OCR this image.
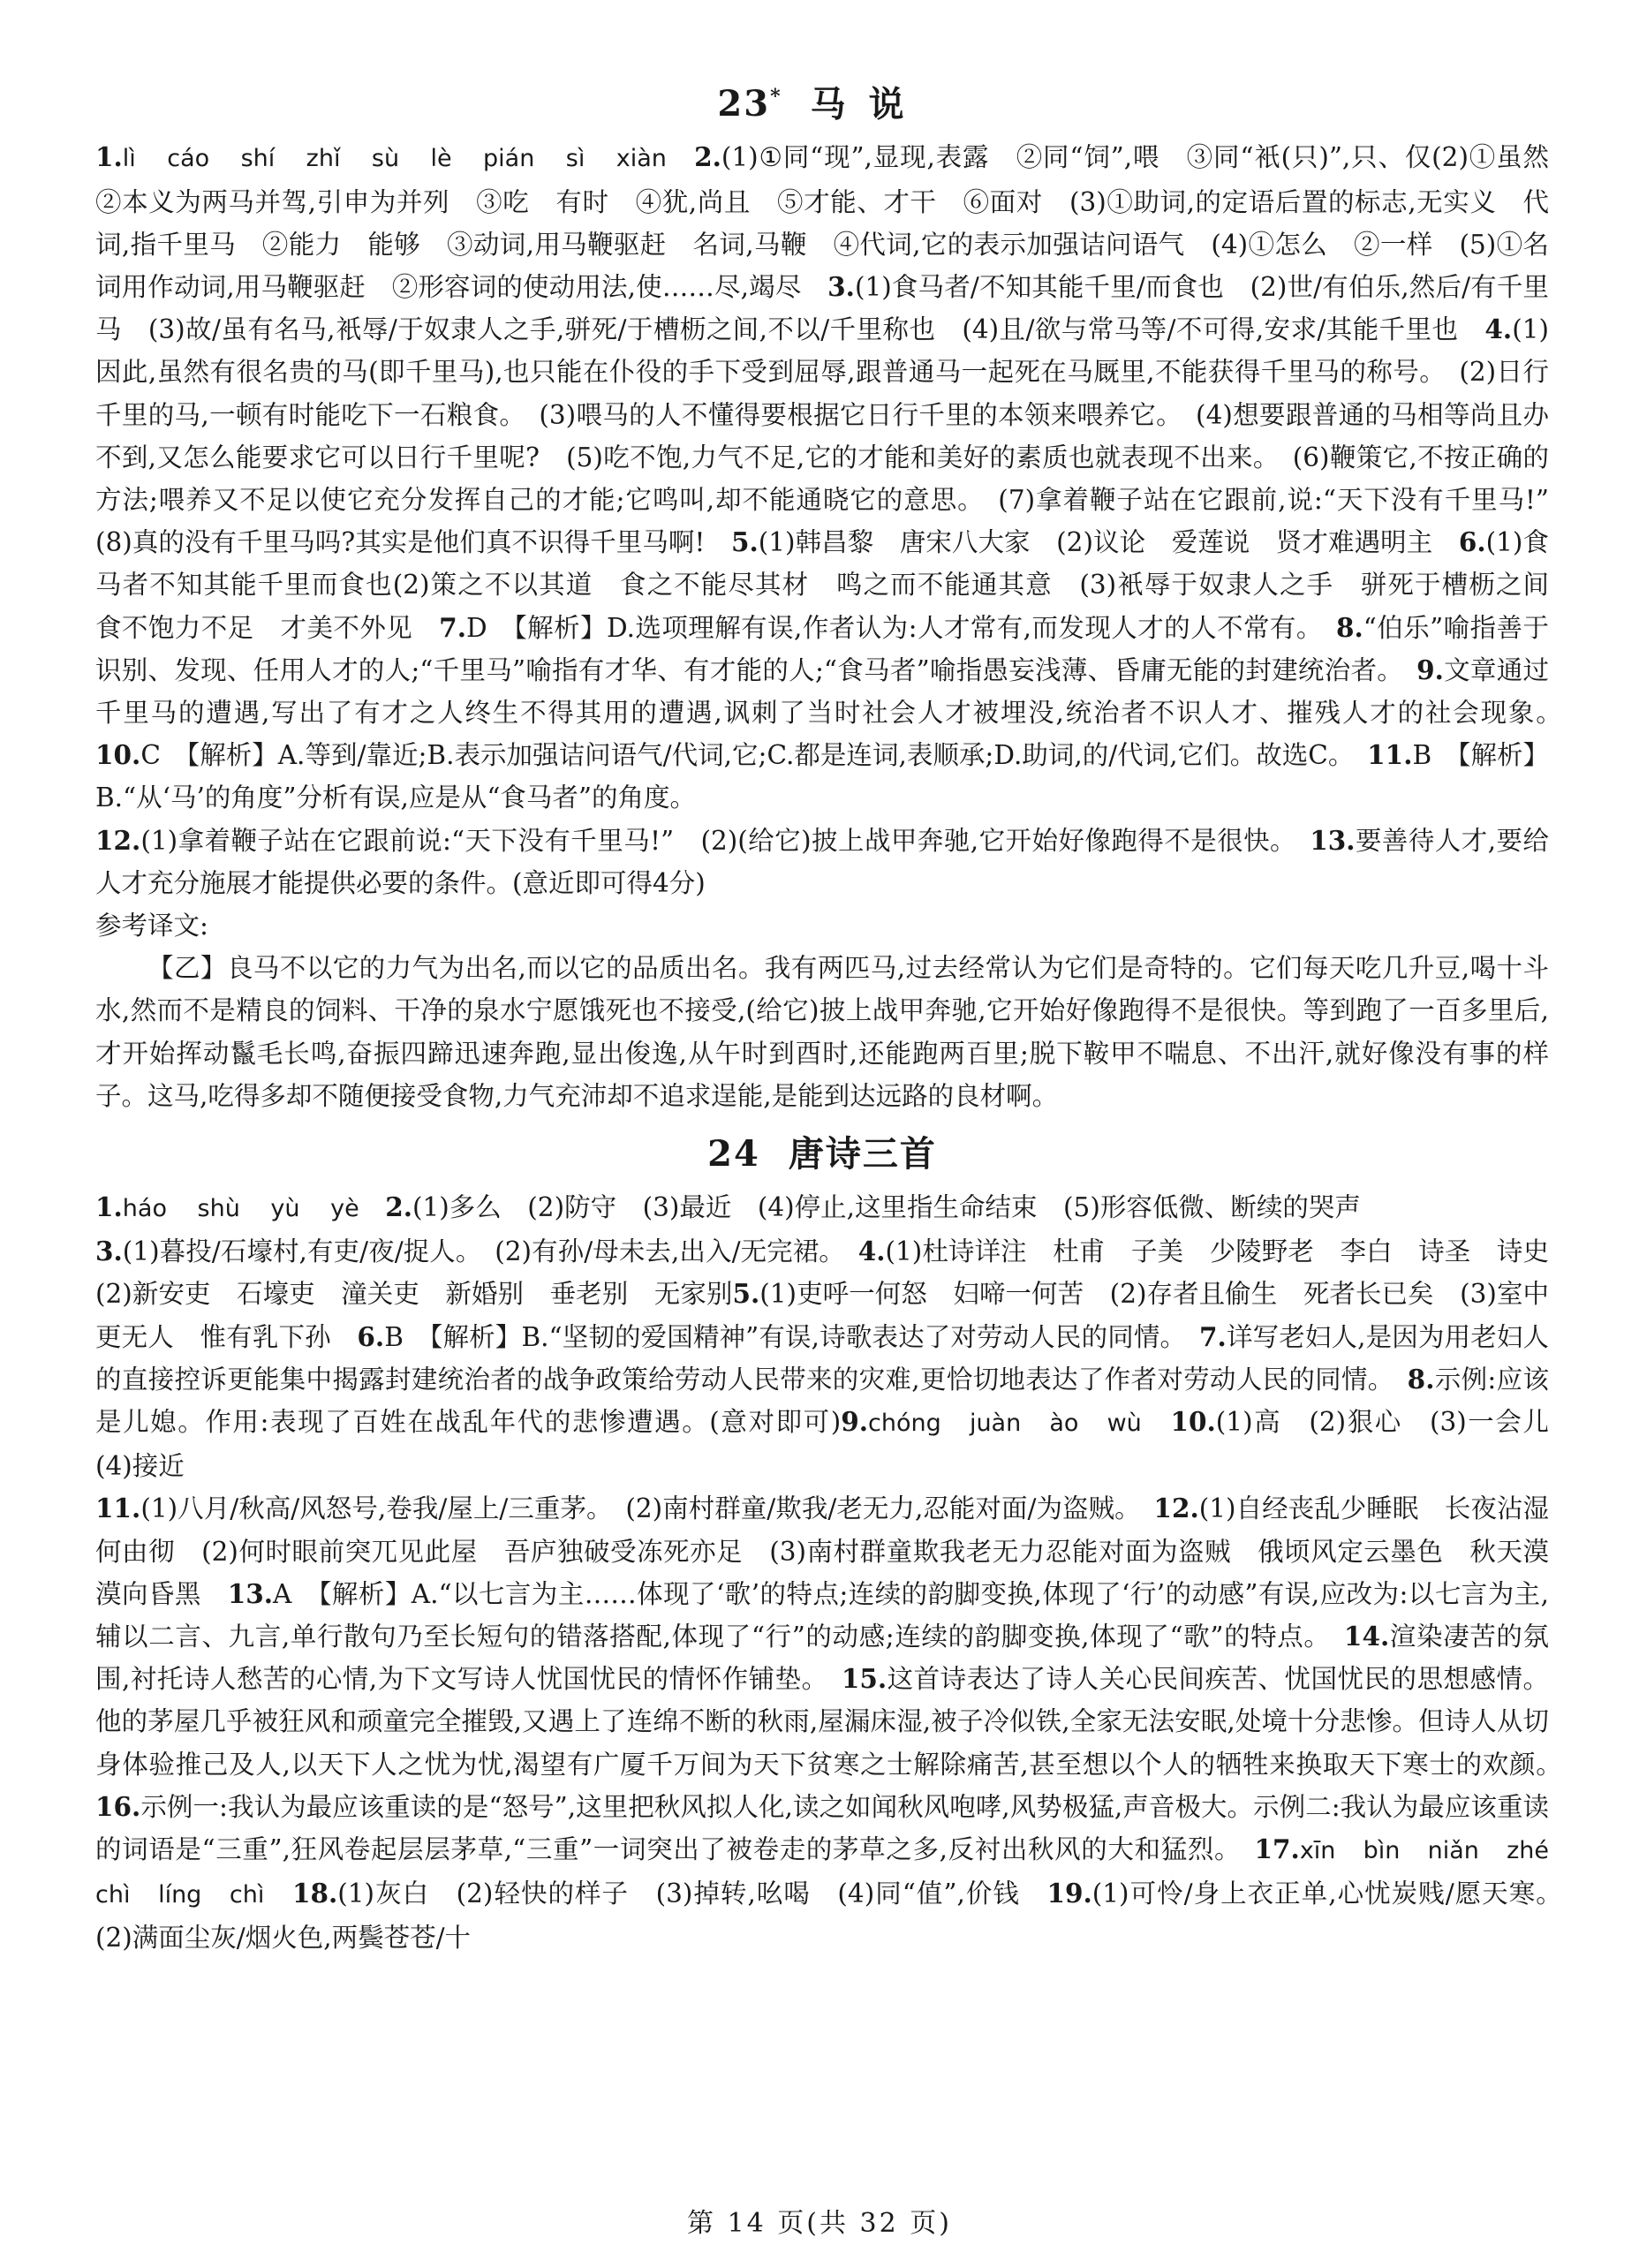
23* 马说

1.lì cáo shí zhǐ sù lè pián sì xiàn　 2.(1)①同“现”,显现,表露　②同“饲”,喂　③同“衹(只)”,只、仅(2)①虽然　②本义为两马并驾,引申为并列　③吃　有时　④犹,尚且　⑤才能、才干　⑥面对　(3)①助词,的定语后置的标志,无实义　代词,指千里马　②能力　能够　③动词,用马鞭驱赶　名词,马鞭　④代词,它的表示加强诘问语气　(4)①怎么　②一样　(5)①名词用作动词,用马鞭驱赶　②形容词的使动用法,使……尽,竭尽　3.(1)食马者/不知其能千里/而食也　(2)世/有伯乐,然后/有千里马　(3)故/虽有名马,衹辱/于奴隶人之手,骈死/于槽枥之间,不以/千里称也　(4)且/欲与常马等/不可得,安求/其能千里也　4.(1)因此,虽然有很名贵的马(即千里马),也只能在仆役的手下受到屈辱,跟普通马一起死在马厩里,不能获得千里马的称号。　(2)日行千里的马,一顿有时能吃下一石粮食。　(3)喂马的人不懂得要根据它日行千里的本领来喂养它。　(4)想要跟普通的马相等尚且办不到,又怎么能要求它可以日行千里呢?　(5)吃不饱,力气不足,它的才能和美好的素质也就表现不出来。　(6)鞭策它,不按正确的方法;喂养又不足以使它充分发挥自己的才能;它鸣叫,却不能通晓它的意思。　(7)拿着鞭子站在它跟前,说:“天下没有千里马!”　(8)真的没有千里马吗?其实是他们真不识得千里马啊!　5.(1)韩昌黎　唐宋八大家　(2)议论　爱莲说　贤才难遇明主　6.(1)食马者不知其能千里而食也(2)策之不以其道　食之不能尽其材　鸣之而不能通其意　(3)衹辱于奴隶人之手　骈死于槽枥之间　食不饱力不足　才美不外见　7.D　【解析】D.选项理解有误,作者认为:人才常有,而发现人才的人不常有。　8.“伯乐”喻指善于识别、发现、任用人才的人;“千里马”喻指有才华、有才能的人;“食马者”喻指愚妄浅薄、昏庸无能的封建统治者。　9.文章通过千里马的遭遇,写出了有才之人终生不得其用的遭遇,讽刺了当时社会人才被埋没,统治者不识人才、摧残人才的社会现象。　10.C　【解析】A.等到/靠近;B.表示加强诘问语气/代词,它;C.都是连词,表顺承;D.助词,的/代词,它们。故选C。　11.B　【解析】B.“从‘马’的角度”分析有误,应是从“食马者”的角度。
12.(1)拿着鞭子站在它跟前说:“天下没有千里马!”　(2)(给它)披上战甲奔驰,它开始好像跑得不是很快。　13.要善待人才,要给人才充分施展才能提供必要的条件。(意近即可得4分)

参考译文:

【乙】良马不以它的力气为出名,而以它的品质出名。我有两匹马,过去经常认为它们是奇特的。它们每天吃几升豆,喝十斗水,然而不是精良的饲料、干净的泉水宁愿饿死也不接受,(给它)披上战甲奔驰,它开始好像跑得不是很快。等到跑了一百多里后,才开始挥动鬣毛长鸣,奋振四蹄迅速奔跑,显出俊逸,从午时到酉时,还能跑两百里;脱下鞍甲不喘息、不出汗,就好像没有事的样子。这马,吃得多却不随便接受食物,力气充沛却不追求逞能,是能到达远路的良材啊。

24 唐诗三首

1.háo shù yù yè　 2.(1)多么　(2)防守　(3)最近　(4)停止,这里指生命结束　(5)形容低微、断续的哭声
3.(1)暮投/石壕村,有吏/夜/捉人。　(2)有孙/母未去,出入/无完裙。　4.(1)杜诗详注　杜甫　子美　少陵野老　李白　诗圣　诗史　(2)新安吏　石壕吏　潼关吏　新婚别　垂老别　无家别5.(1)吏呼一何怒　妇啼一何苦　(2)存者且偷生　死者长已矣　(3)室中更无人　惟有乳下孙　6.B　【解析】B.“坚韧的爱国精神”有误,诗歌表达了对劳动人民的同情。　7.详写老妇人,是因为用老妇人的直接控诉更能集中揭露封建统治者的战争政策给劳动人民带来的灾难,更恰切地表达了作者对劳动人民的同情。　8.示例:应该是儿媳。作用:表现了百姓在战乱年代的悲惨遭遇。(意对即可)9.chóng juàn ào wù　 10.(1)高　(2)狠心　(3)一会儿　(4)接近
11.(1)八月/秋高/风怒号,卷我/屋上/三重茅。　(2)南村群童/欺我/老无力,忍能对面/为盗贼。　12.(1)自经丧乱少睡眠　长夜沾湿何由彻　(2)何时眼前突兀见此屋　吾庐独破受冻死亦足　(3)南村群童欺我老无力忍能对面为盗贼　俄顷风定云墨色　秋天漠漠向昏黑　13.A　【解析】A.“以七言为主……体现了‘歌’的特点;连续的韵脚变换,体现了‘行’的动感”有误,应改为:以七言为主,辅以二言、九言,单行散句乃至长短句的错落搭配,体现了“行”的动感;连续的韵脚变换,体现了“歌”的特点。　14.渲染凄苦的氛围,衬托诗人愁苦的心情,为下文写诗人忧国忧民的情怀作铺垫。　15.这首诗表达了诗人关心民间疾苦、忧国忧民的思想感情。他的茅屋几乎被狂风和顽童完全摧毁,又遇上了连绵不断的秋雨,屋漏床湿,被子冷似铁,全家无法安眠,处境十分悲惨。但诗人从切身体验推己及人,以天下人之忧为忧,渴望有广厦千万间为天下贫寒之士解除痛苦,甚至想以个人的牺牲来换取天下寒士的欢颜。　16.示例一:我认为最应该重读的是“怒号”,这里把秋风拟人化,读之如闻秋风咆哮,风势极猛,声音极大。示例二:我认为最应该重读的词语是“三重”,狂风卷起层层茅草,“三重”一词突出了被卷走的茅草之多,反衬出秋风的大和猛烈。　17.xīn bìn niǎn zhé chì líng chì　 18.(1)灰白　(2)轻快的样子　(3)掉转,吆喝　(4)同“值”,价钱　19.(1)可怜/身上衣正单,心忧炭贱/愿天寒。　(2)满面尘灰/烟火色,两鬓苍苍/十

第 14 页(共 32 页)
